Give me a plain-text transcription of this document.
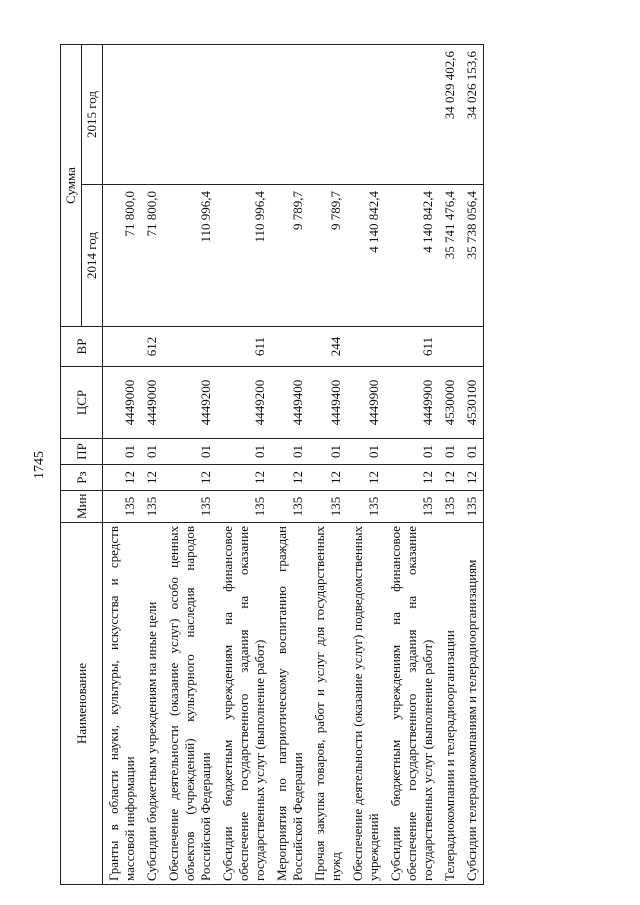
1745
Наименование	Мин	Рз	ПР	ЦСР	ВР	Сумма	
						2014 год	2015 год
Гранты в области науки, культуры, искусства и средств массовой информации	135	12	01	4449000		71 800,0	
Субсидии бюджетным учреждениям на иные цели	135	12	01	4449000	612	71 800,0	
Обеспечение деятельности (оказание услуг) особо ценных объектов (учреждений) культурного наследия народов Российской Федерации	135	12	01	4449200		110 996,4	
Субсидии бюджетным учреждениям на финансовое обеспечение государственного задания на оказание государственных услуг (выполнение работ)	135	12	01	4449200	611	110 996,4	
Мероприятия по патриотическому воспитанию граждан Российской Федерации	135	12	01	4449400		9 789,7	
Прочая закупка товаров, работ и услуг для государственных нужд	135	12	01	4449400	244	9 789,7	
Обеспечение деятельности (оказание услуг) подведомственных учреждений	135	12	01	4449900		4 140 842,4	
Субсидии бюджетным учреждениям на финансовое обеспечение государственного задания на оказание государственных услуг (выполнение работ)	135	12	01	4449900	611	4 140 842,4	
Телерадиокомпании и телерадиоорганизации	135	12	01	4530000		35 741 476,4	34 029 402,6
Субсидии телерадиокомпаниям и телерадиоорганизациям	135	12	01	4530100		35 738 056,4	34 026 153,6
